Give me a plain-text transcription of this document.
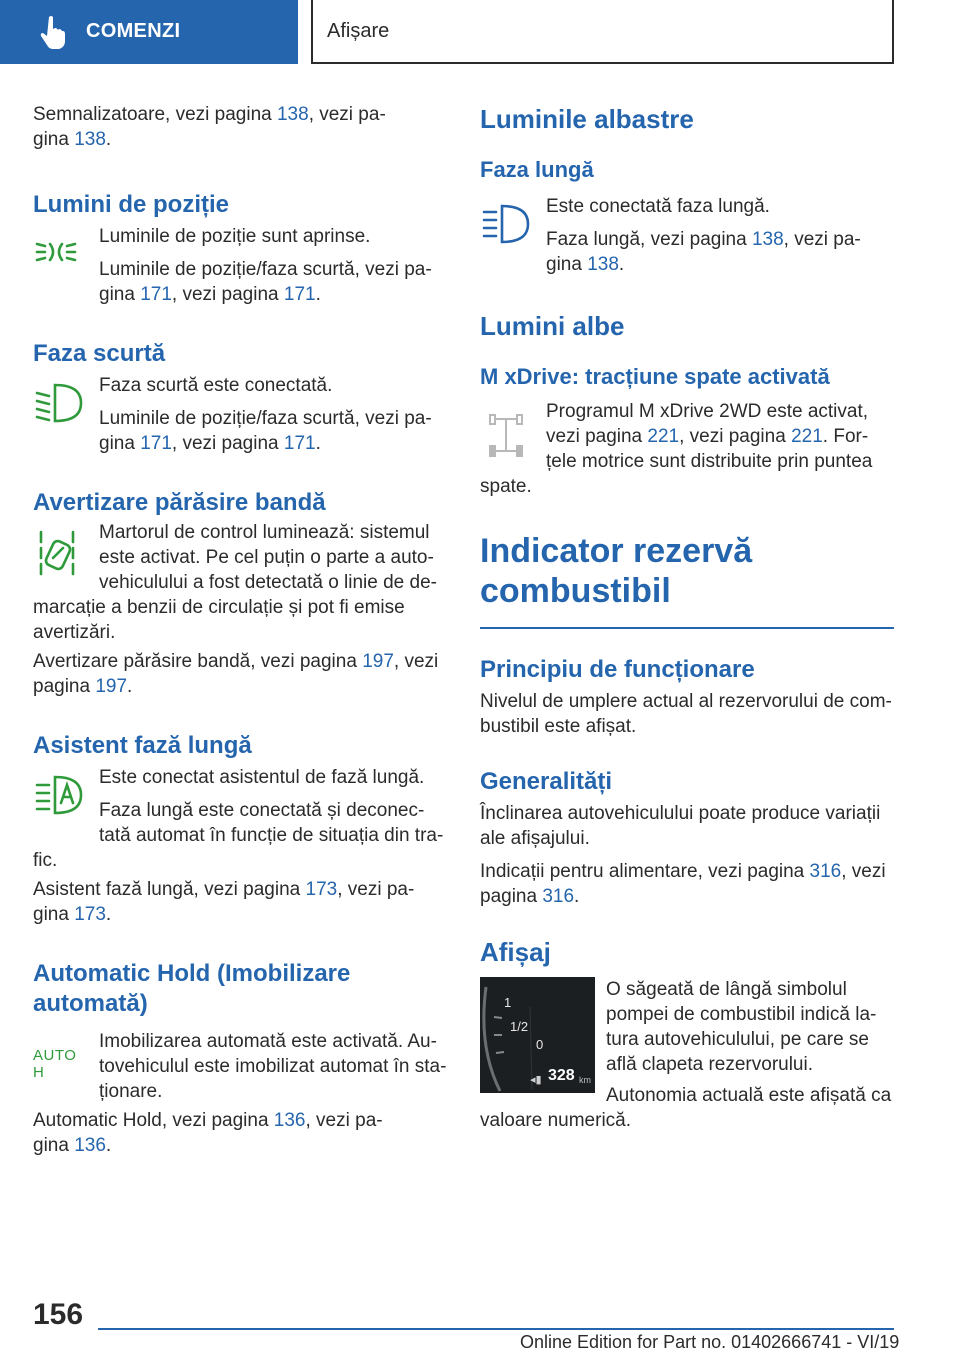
COMENZI	Afișare

Semnalizatoare, vezi pagina 138, vezi pa-
gina 138.

Lumini de poziție

Luminile de poziție sunt aprinse.

Luminile de poziție/faza scurtă, vezi pa-
gina 171, vezi pagina 171.

Faza scurtă

Faza scurtă este conectată.

Luminile de poziție/faza scurtă, vezi pa-
gina 171, vezi pagina 171.

Avertizare părăsire bandă

Martorul de control luminează: sistemul

este activat. Pe cel puțin o parte a auto-

vehiculului a fost detectată o linie de de-

marcație a benzii de circulație și pot fi emise

avertizări.

Avertizare părăsire bandă, vezi pagina 197, vezi
pagina 197.

Asistent fază lungă

Este conectat asistentul de fază lungă.

Faza lungă este conectată și deconec-

tată automat în funcție de situația din tra-

fic.

Asistent fază lungă, vezi pagina 173, vezi pa-
gina 173.

Automatic Hold (Imobilizare
automată)
AUTO H

Imobilizarea automată este activată. Au-

tovehiculul este imobilizat automat în sta-

ționare.

Automatic Hold, vezi pagina 136, vezi pa-
gina 136.

Luminile albastre
Faza lungă

Este conectată faza lungă.

Faza lungă, vezi pagina 138, vezi pa-
gina 138.

Lumini albe
M xDrive: tracțiune spate activată

Programul M xDrive 2WD este activat,

vezi pagina 221, vezi pagina 221. For-

țele motrice sunt distribuite prin puntea

spate.

Indicator rezervă
combustibil
Principiu de funcționare

Nivelul de umplere actual al rezervorului de com-

bustibil este afișat.

Generalități

Înclinarea autovehiculului poate produce variații

ale afișajului.

Indicații pentru alimentare, vezi pagina 316, vezi
pagina 316.

Afișaj
1
1/2
0
◂▮ 328 km

O săgeată de lângă simbolul

pompei de combustibil indică la-

tura autovehiculului, pe care se

află clapeta rezervorului.

Autonomia actuală este afișată ca

valoare numerică.

156
Online Edition for Part no. 01402666741 - VI/19
